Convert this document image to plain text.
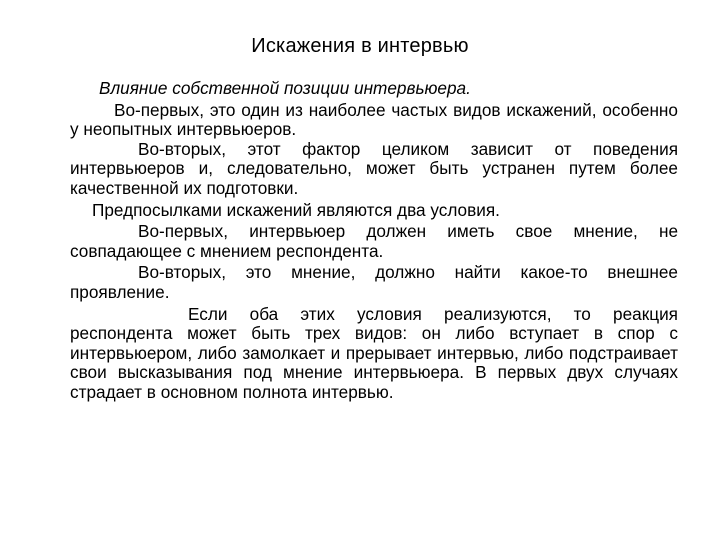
Искажения в интервью

Влияние собственной позиции интервьюера.

Во-первых, это один из наиболее частых видов искажений, особенно у неопытных интервьюеров.

Во-вторых, этот фактор целиком зависит от поведения интервьюеров и, следовательно, может быть устранен путем более качественной их подготовки.

Предпосылками искажений являются два условия.

Во-первых, интервьюер должен иметь свое мнение, не совпадающее с мнением респондента.

Во-вторых, это мнение, должно найти какое-то внешнее проявление.

Если оба этих условия реализуются, то реакция респондента может быть трех видов: он либо вступает в спор с интервьюером, либо замолкает и прерывает интервью, либо подстраивает свои высказывания под мнение интервьюера. В первых двух случаях страдает в основном полнота интервью.
